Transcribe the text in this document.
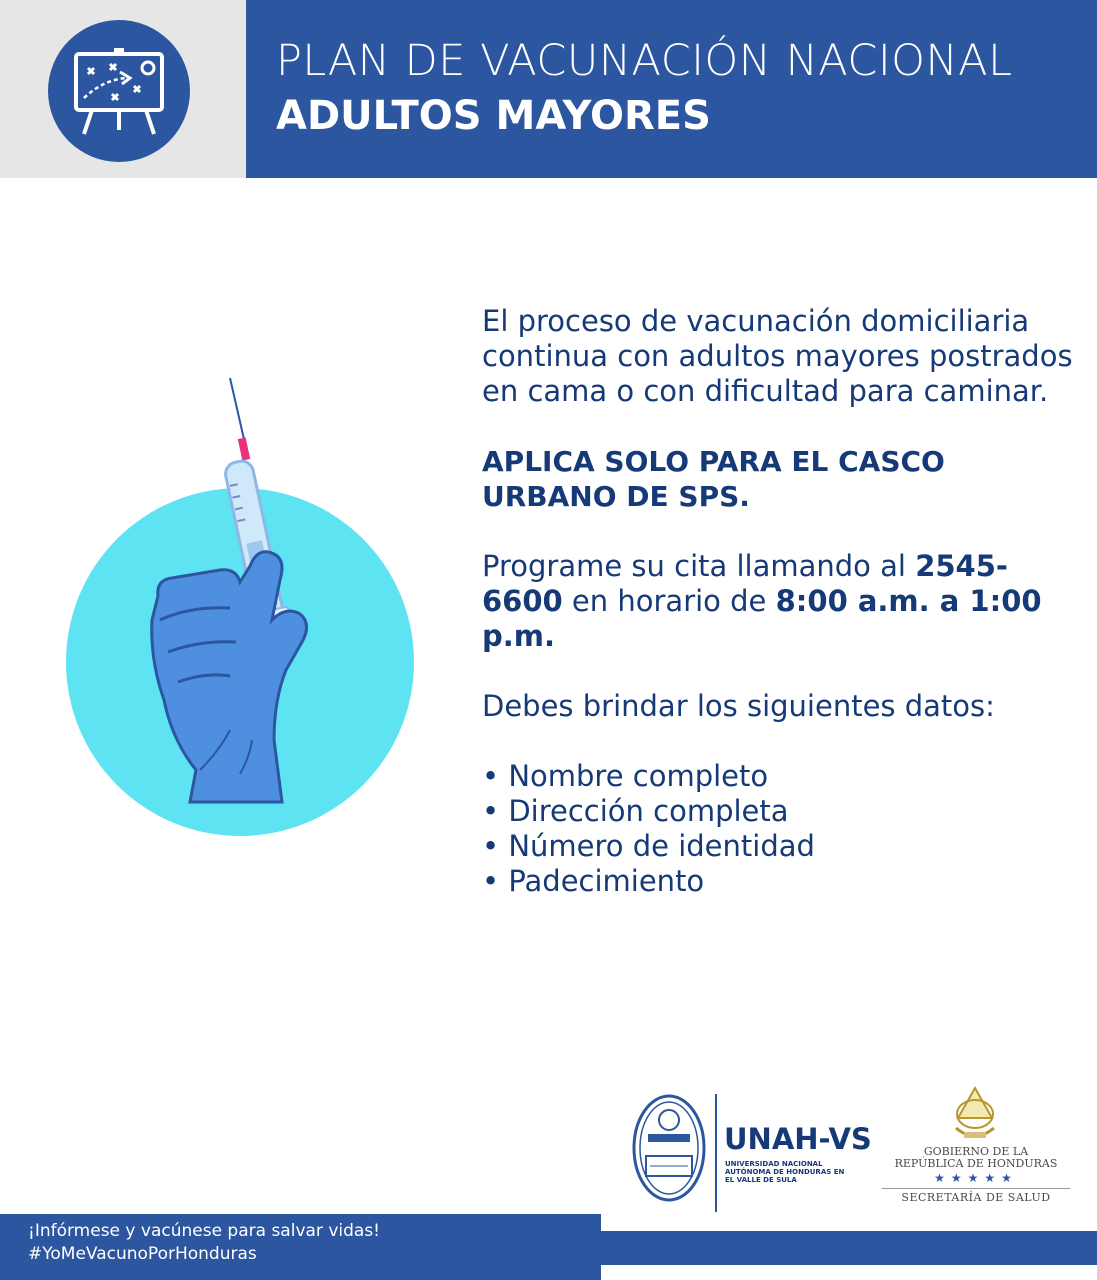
PLAN DE VACUNACIÓN NACIONAL
ADULTOS MAYORES

El proceso de vacunación domiciliaria continua con adultos mayores postrados en cama o con dificultad para caminar.

APLICA SOLO PARA EL CASCO URBANO DE SPS.

Programe su cita llamando al 2545-6600 en horario de 8:00 a.m. a 1:00 p.m.

Debes brindar los siguientes datos:

• Nombre completo
• Dirección completa
• Número de identidad
• Padecimiento
UNAH-VS
UNIVERSIDAD NACIONAL AUTÓNOMA DE HONDURAS EN EL VALLE DE SULA
GOBIERNO DE LA
REPÚBLICA DE HONDURAS
★★★★★
SECRETARÍA DE SALUD
¡Infórmese y vacúnese para salvar vidas!
#YoMeVacunoPorHonduras
